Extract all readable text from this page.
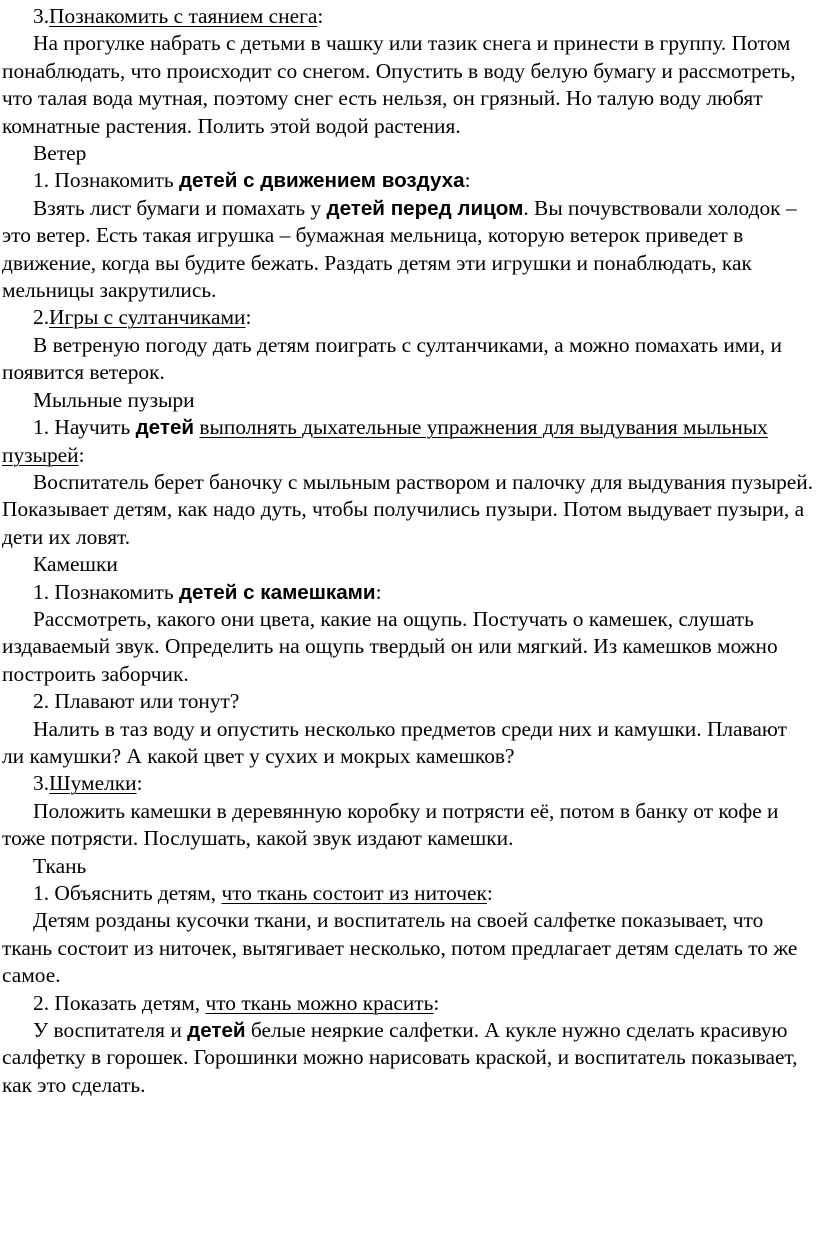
3.Познакомить с таянием снега:

На прогулке набрать с детьми в чашку или тазик снега и принести в группу. Потом понаблюдать, что происходит со снегом. Опустить в воду белую бумагу и рассмотреть, что талая вода мутная, поэтому снег есть нельзя, он грязный. Но талую воду любят комнатные растения. Полить этой водой растения.

Ветер

1. Познакомить детей с движением воздуха:

Взять лист бумаги и помахать у детей перед лицом. Вы почувствовали холодок – это ветер. Есть такая игрушка – бумажная мельница, которую ветерок приведет в движение, когда вы будите бежать. Раздать детям эти игрушки и понаблюдать, как мельницы закрутились.

2.Игры с султанчиками:

В ветреную погоду дать детям поиграть с султанчиками, а можно помахать ими, и появится ветерок.

Мыльные пузыри

1. Научить детей выполнять дыхательные упражнения для выдувания мыльных пузырей:

Воспитатель берет баночку с мыльным раствором и палочку для выдувания пузырей. Показывает детям, как надо дуть, чтобы получились пузыри. Потом выдувает пузыри, а дети их ловят.

Камешки

1. Познакомить детей с камешками:

Рассмотреть, какого они цвета, какие на ощупь. Постучать о камешек, слушать издаваемый звук. Определить на ощупь твердый он или мягкий. Из камешков можно построить заборчик.

2. Плавают или тонут?

Налить в таз воду и опустить несколько предметов среди них и камушки. Плавают ли камушки? А какой цвет у сухих и мокрых камешков?

3.Шумелки:

Положить камешки в деревянную коробку и потрясти её, потом в банку от кофе и тоже потрясти. Послушать, какой звук издают камешки.

Ткань

1. Объяснить детям, что ткань состоит из ниточек:

Детям розданы кусочки ткани, и воспитатель на своей салфетке показывает, что ткань состоит из ниточек, вытягивает несколько, потом предлагает детям сделать то же самое.

2. Показать детям, что ткань можно красить:

У воспитателя и детей белые неяркие салфетки. А кукле нужно сделать красивую салфетку в горошек. Горошинки можно нарисовать краской, и воспитатель показывает, как это сделать.
